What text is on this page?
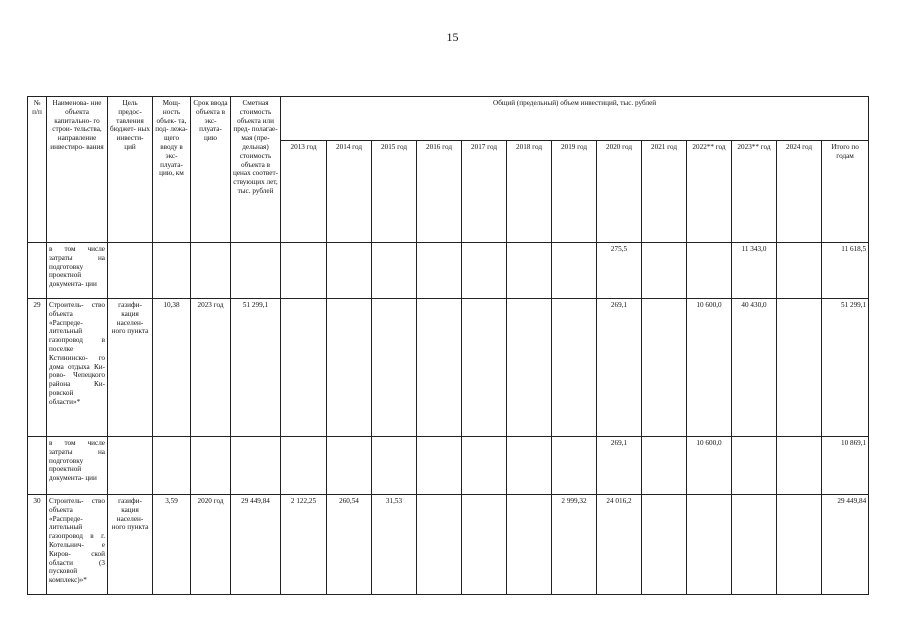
15
№ п/п	Наименова- ние объекта капитально- го строи- тельства, направление инвестиро- вания	Цель предос- тавления бюджет- ных инвести- ций	Мощ- ность объек- та, под- лежа- щего вводу в экс- плуата- цию, км	Срок ввода объекта в экс- плуата- цию	Сметная стоимость объекта или пред- полагае- мая (пре- дельная) стоимость объекта в ценах соответ- ствующих лет, тыс. рублей	Общий (предельный) объем инвестиций, тыс. рублей												
						2013 год	2014 год	2015 год	2016 год	2017 год	2018 год	2019 год	2020 год	2021 год	2022** год	2023** год	2024 год	Итого по годам
	в том числе затраты на подготовку проектной документа- ции												275,5			11 343,0		11 618,5
29	Строитель- ство объекта «Распреде- лительный газопровод в поселке Кстининско- го дома отдыха Ки- рово- Чепецкого района Ки- ровской области»*	газифи- кация населен- ного пункта	10,38	2023 год	51 299,1								269,1		10 600,0	40 430,0		51 299,1
	в том числе затраты на подготовку проектной документа- ции												269,1		10 600,0			10 869,1
30	Строитель- ство объекта «Распреде- лительный газопровод в г. Котельнич- е Киров- ской области (3 пусковой комплекс)»*	газифи- кация населен- ного пункта	3,59	2020 год	29 449,84	2 122,25	260,54	31,53				2 999,32	24 016,2					29 449,84
